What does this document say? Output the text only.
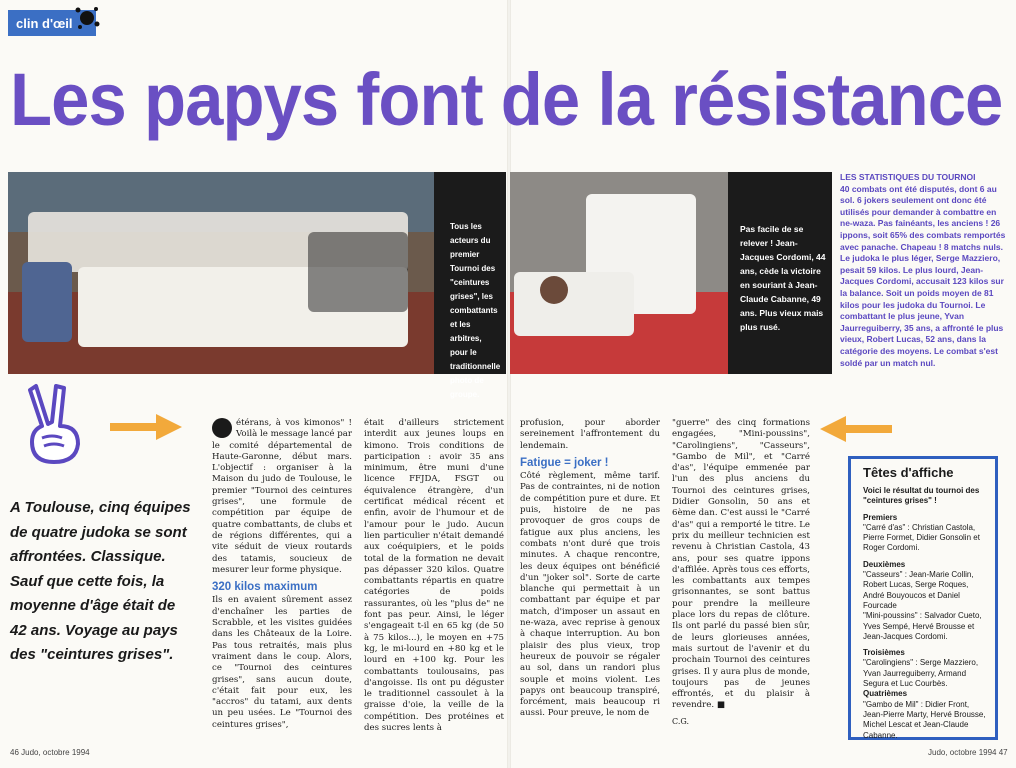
clin d'œil
Les papys font de la résistance
Tous les acteurs du premier Tournoi des "ceintures grises", les combattants et les arbitres, pour le traditionnelle photo de groupe.
Pas facile de se relever ! Jean-Jacques Cordomi, 44 ans, cède la victoire en souriant à Jean-Claude Cabanne, 49 ans. Plus vieux mais plus rusé.
LES STATISTIQUES DU TOURNOI
40 combats ont été disputés, dont 6 au sol. 6 jokers seulement ont donc été utilisés pour demander à combattre en ne-waza. Pas fainéants, les anciens ! 26 ippons, soit 65% des combats remportés avec panache. Chapeau ! 8 matchs nuls. Le judoka le plus léger, Serge Mazziero, pesait 59 kilos. Le plus lourd, Jean-Jacques Cordomi, accusait 123 kilos sur la balance. Soit un poids moyen de 81 kilos pour les judoka du Tournoi. Le combattant le plus jeune, Yvan Jaurreguiberry, 35 ans, a affronté le plus vieux, Robert Lucas, 52 ans, dans la catégorie des moyens. Le combat s'est soldé par un match nul.

A Toulouse, cinq équipes de quatre judoka se sont affrontées. Classique. Sauf que cette fois, la moyenne d'âge était de 42 ans. Voyage au pays des "ceintures grises".

étérans, à vos kimonos" ! Voilà le message lancé par le comité départemental de Haute-Garonne, début mars. L'objectif : organiser à la Maison du judo de Toulouse, le premier "Tournoi des ceintures grises", une formule de compétition par équipe de quatre combattants, de clubs et de régions différentes, qui a vite séduit de vieux routards des tatamis, soucieux de mesurer leur forme physique.

320 kilos maximum

Ils en avaient sûrement assez d'enchaîner les parties de Scrabble, et les visites guidées dans les Châteaux de la Loire. Pas tous retraités, mais plus vraiment dans le coup. Alors, ce "Tournoi des ceintures grises", sans aucun doute, c'était fait pour eux, les "accros" du tatami, aux dents un peu usées. Le "Tournoi des ceintures grises",

était d'ailleurs strictement interdit aux jeunes loups en kimono. Trois conditions de participation : avoir 35 ans minimum, être muni d'une licence FFJDA, FSGT ou équivalence étrangère, d'un certificat médical récent et enfin, avoir de l'humour et de l'amour pour le judo. Aucun lien particulier n'était demandé aux coéquipiers, et le poids total de la formation ne devait pas dépasser 320 kilos. Quatre combattants répartis en quatre catégories de poids rassurantes, où les "plus de" ne font pas peur. Ainsi, le léger s'engageait t-il en 65 kg (de 50 à 75 kilos...), le moyen en +75 kg, le mi-lourd en +80 kg et le lourd en +100 kg. Pour les combattants toulousains, pas d'angoisse. Ils ont pu déguster le traditionnel cassoulet à la graisse d'oie, la veille de la compétition. Des protéines et des sucres lents à

profusion, pour aborder sereinement l'affrontement du lendemain.

Fatigue = joker !

Côté règlement, même tarif. Pas de contraintes, ni de notion de compétition pure et dure. Et puis, histoire de ne pas provoquer de gros coups de fatigue aux plus anciens, les combats n'ont duré que trois minutes. A chaque rencontre, les deux équipes ont bénéficié d'un "joker sol". Sorte de carte blanche qui permettait à un combattant par équipe et par match, d'imposer un assaut en ne-waza, avec reprise à genoux à chaque interruption. Au bon plaisir des plus vieux, trop heureux de pouvoir se régaler au sol, dans un randori plus souple et moins violent. Les papys ont beaucoup transpiré, forcément, mais beaucoup ri aussi. Pour preuve, le nom de

"guerre" des cinq formations engagées, "Mini-poussins", "Carolingiens", "Casseurs", "Gambo de Mil", et "Carré d'as", l'équipe emmenée par l'un des plus anciens du Tournoi des ceintures grises, Didier Gonsolin, 50 ans et 6ème dan. C'est aussi le "Carré d'as" qui a remporté le titre. Le prix du meilleur technicien est revenu à Christian Castola, 43 ans, pour ses quatre ippons d'affilée. Après tous ces efforts, les combattants aux tempes grisonnantes, se sont battus pour prendre la meilleure place lors du repas de clôture. Ils ont parlé du passé bien sûr, de leurs glorieuses années, mais surtout de l'avenir et du prochain Tournoi des ceintures grises. Il y aura plus de monde, toujours pas de jeunes effrontés, et du plaisir à revendre. ■

C.G.
Têtes d'affiche

Voici le résultat du tournoi des "ceintures grises" !

Premiers
"Carré d'as" : Christian Castola, Pierre Formet, Didier Gonsolin et Roger Cordomi.

Deuxièmes
"Casseurs" : Jean-Marie Collin, Robert Lucas, Serge Roques, André Bouyoucos et Daniel Fourcade
"Mini-poussins" : Salvador Cueto, Yves Sempé, Hervé Brousse et Jean-Jacques Cordomi.

Troisièmes
"Carolingiens" : Serge Mazziero, Yvan Jaurreguiberry, Armand Segura et Luc Courbès.
Quatrièmes
"Gambo de Mil" : Didier Front, Jean-Pierre Marty, Hervé Brousse, Michel Lescat et Jean-Claude Cabanne.

46 Judo, octobre 1994	Judo, octobre 1994 47
